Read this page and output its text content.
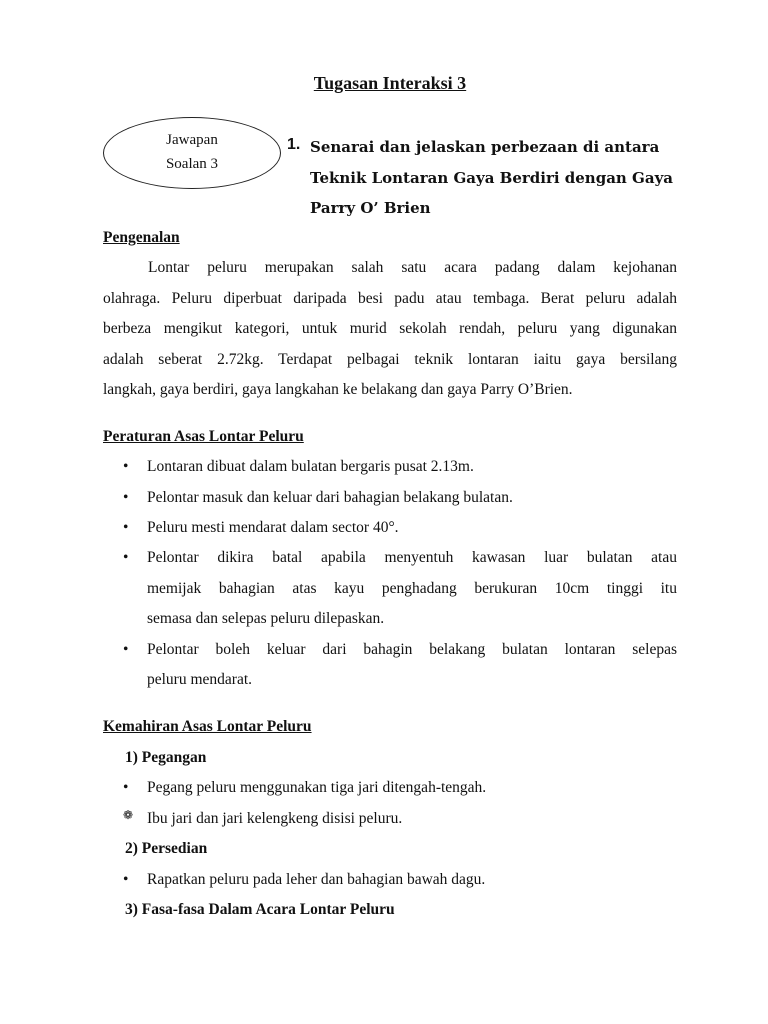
Tugasan Interaksi 3
Jawapan
Soalan 3
1. Senarai dan jelaskan perbezaan di antara
Teknik Lontaran Gaya Berdiri dengan Gaya
Parry O’ Brien
Pengenalan
Lontar peluru merupakan salah satu acara padang dalam kejohanan
olahraga. Peluru diperbuat daripada besi padu atau tembaga. Berat peluru adalah
berbeza mengikut kategori, untuk murid sekolah rendah, peluru yang digunakan
adalah seberat 2.72kg. Terdapat pelbagai teknik lontaran iaitu gaya bersilang
langkah, gaya berdiri, gaya langkahan ke belakang dan gaya Parry O’Brien.
Peraturan Asas Lontar Peluru
• Lontaran dibuat dalam bulatan bergaris pusat 2.13m.
• Pelontar masuk dan keluar dari bahagian belakang bulatan.
• Peluru mesti mendarat dalam sector 40°.
• Pelontar dikira batal apabila menyentuh kawasan luar bulatan atau
memijak bahagian atas kayu penghadang berukuran 10cm tinggi itu
semasa dan selepas peluru dilepaskan.
• Pelontar boleh keluar dari bahagin belakang bulatan lontaran selepas
peluru mendarat.
Kemahiran Asas Lontar Peluru
1) Pegangan
• Pegang peluru menggunakan tiga jari ditengah-tengah.
❁ Ibu jari dan jari kelengkeng disisi peluru.
2) Persedian
• Rapatkan peluru pada leher dan bahagian bawah dagu.
3) Fasa-fasa Dalam Acara Lontar Peluru
